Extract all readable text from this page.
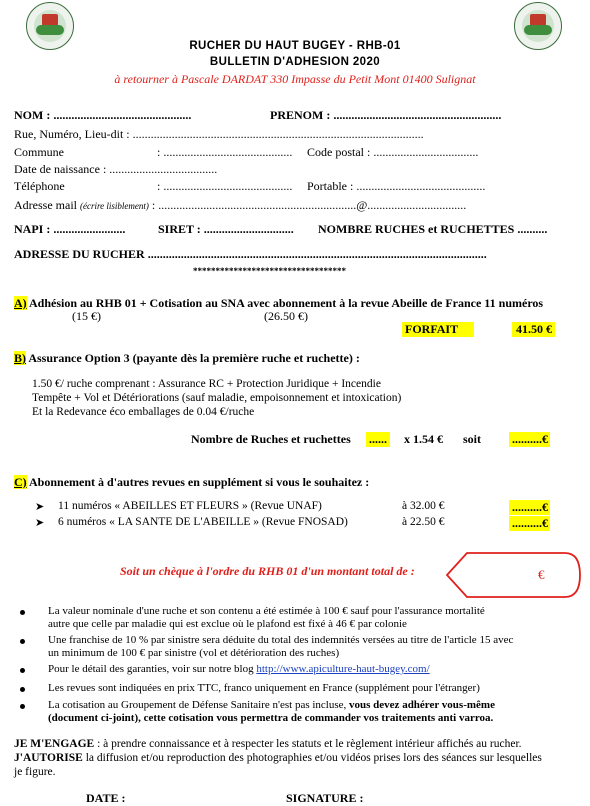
RUCHER DU HAUT BUGEY - RHB-01
BULLETIN D'ADHESION 2020
à retourner à Pascale DARDAT 330 Impasse du Petit Mont 01400 Sulignat
NOM : ..............................................	PRENOM : ........................................................
Rue, Numéro, Lieu-dit : .................................................................................................
Commune	: ........................................... Code postal : ...................................
Date de naissance : ....................................
Téléphone	: ........................................... Portable : ...........................................
Adresse mail (écrire lisiblement) : ..................................................................@.................................
NAPI : ........................	SIRET : .............................. NOMBRE RUCHES et RUCHETTES ..........
ADRESSE DU RUCHER .................................................................................................................
**********************************
A) Adhésion au RHB 01 + Cotisation au SNA avec abonnement à la revue Abeille de France 11 numéros
(15 €)	(26.50 €)
FORFAIT	41.50 €
B) Assurance Option 3 (payante dès la première ruche et ruchette) :
1.50 €/ ruche comprenant : Assurance RC + Protection Juridique + Incendie
Tempête + Vol et Détériorations (sauf maladie, empoisonnement et intoxication)
Et la Redevance éco emballages de 0.04 €/ruche
Nombre de Ruches et ruchettes ...... x 1.54 € soit	..........€
C) Abonnement à d'autres revues en supplément si vous le souhaitez :
➤ 11 numéros « ABEILLES ET FLEURS » (Revue UNAF)	à 32.00 €	..........€
➤ 6 numéros « LA SANTE DE L'ABEILLE » (Revue FNOSAD)	à 22.50 €	..........€
Soit un chèque à l'ordre du RHB 01 d'un montant total de :	€
La valeur nominale d'une ruche et son contenu a été estimée à 100 € sauf pour l'assurance mortalité
autre que celle par maladie qui est exclue où le plafond est fixé à 46 € par colonie
Une franchise de 10 % par sinistre sera déduite du total des indemnités versées au titre de l'article 15 avec
un minimum de 100 € par sinistre (vol et détérioration des ruches)
Pour le détail des garanties, voir sur notre blog http://www.apiculture-haut-bugey.com/
Les revues sont indiquées en prix TTC, franco uniquement en France (supplément pour l'étranger)
La cotisation au Groupement de Défense Sanitaire n'est pas incluse, vous devez adhérer vous-même
(document ci-joint), cette cotisation vous permettra de commander vos traitements anti varroa.
JE M'ENGAGE : à prendre connaissance et à respecter les statuts et le règlement intérieur affichés au rucher.
J'AUTORISE la diffusion et/ou reproduction des photographies et/ou vidéos prises lors des séances sur lesquelles
je figure.
DATE :	SIGNATURE :
